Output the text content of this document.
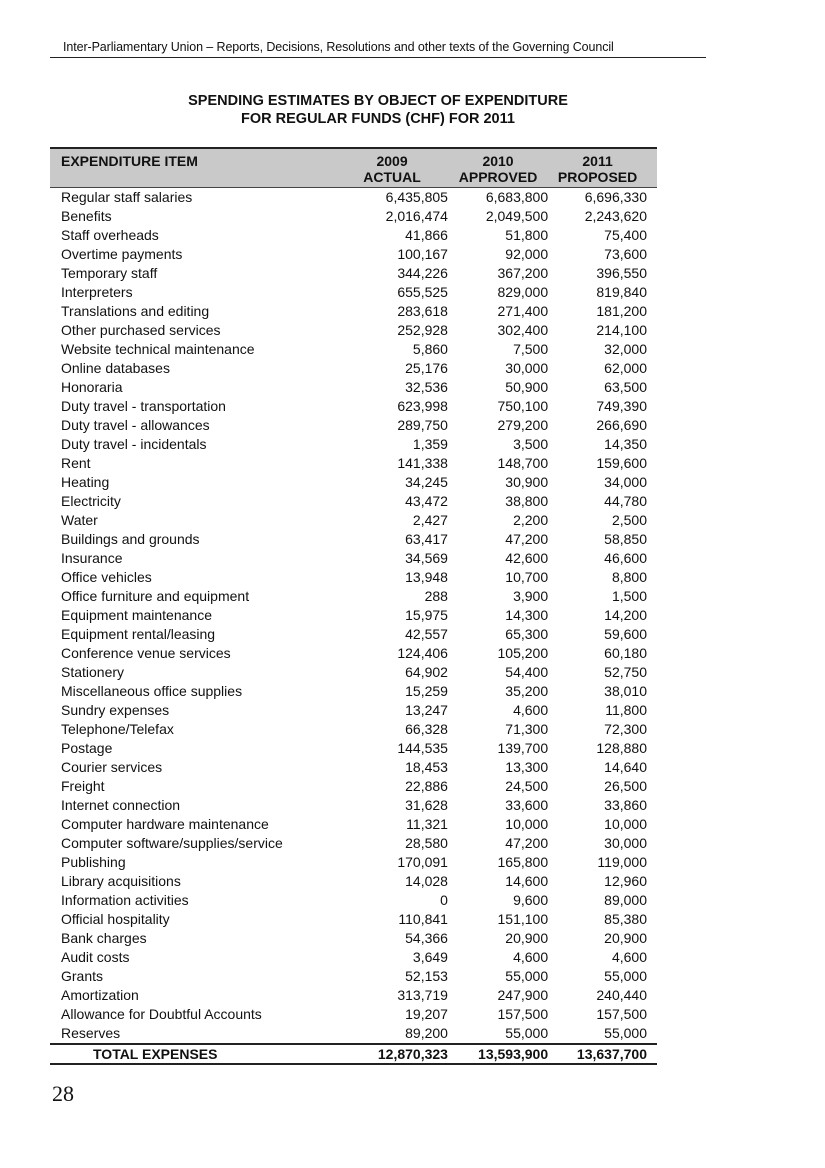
Inter-Parliamentary Union – Reports, Decisions, Resolutions and other texts of the Governing Council
SPENDING ESTIMATES BY OBJECT OF EXPENDITURE
FOR REGULAR FUNDS (CHF) FOR 2011
EXPENDITURE ITEM	2009	2010	2011
	ACTUAL	APPROVED	PROPOSED
Regular staff salaries	6,435,805	6,683,800	6,696,330
Benefits	2,016,474	2,049,500	2,243,620
Staff overheads	41,866	51,800	75,400
Overtime payments	100,167	92,000	73,600
Temporary staff	344,226	367,200	396,550
Interpreters	655,525	829,000	819,840
Translations and editing	283,618	271,400	181,200
Other purchased services	252,928	302,400	214,100
Website technical maintenance	5,860	7,500	32,000
Online databases	25,176	30,000	62,000
Honoraria	32,536	50,900	63,500
Duty travel - transportation	623,998	750,100	749,390
Duty travel - allowances	289,750	279,200	266,690
Duty travel - incidentals	1,359	3,500	14,350
Rent	141,338	148,700	159,600
Heating	34,245	30,900	34,000
Electricity	43,472	38,800	44,780
Water	2,427	2,200	2,500
Buildings and grounds	63,417	47,200	58,850
Insurance	34,569	42,600	46,600
Office vehicles	13,948	10,700	8,800
Office furniture and equipment	288	3,900	1,500
Equipment maintenance	15,975	14,300	14,200
Equipment rental/leasing	42,557	65,300	59,600
Conference venue services	124,406	105,200	60,180
Stationery	64,902	54,400	52,750
Miscellaneous office supplies	15,259	35,200	38,010
Sundry expenses	13,247	4,600	11,800
Telephone/Telefax	66,328	71,300	72,300
Postage	144,535	139,700	128,880
Courier services	18,453	13,300	14,640
Freight	22,886	24,500	26,500
Internet connection	31,628	33,600	33,860
Computer hardware maintenance	11,321	10,000	10,000
Computer software/supplies/service	28,580	47,200	30,000
Publishing	170,091	165,800	119,000
Library acquisitions	14,028	14,600	12,960
Information activities	0	9,600	89,000
Official hospitality	110,841	151,100	85,380
Bank charges	54,366	20,900	20,900
Audit costs	3,649	4,600	4,600
Grants	52,153	55,000	55,000
Amortization	313,719	247,900	240,440
Allowance for Doubtful Accounts	19,207	157,500	157,500
Reserves	89,200	55,000	55,000
TOTAL EXPENSES	12,870,323	13,593,900	13,637,700
28
